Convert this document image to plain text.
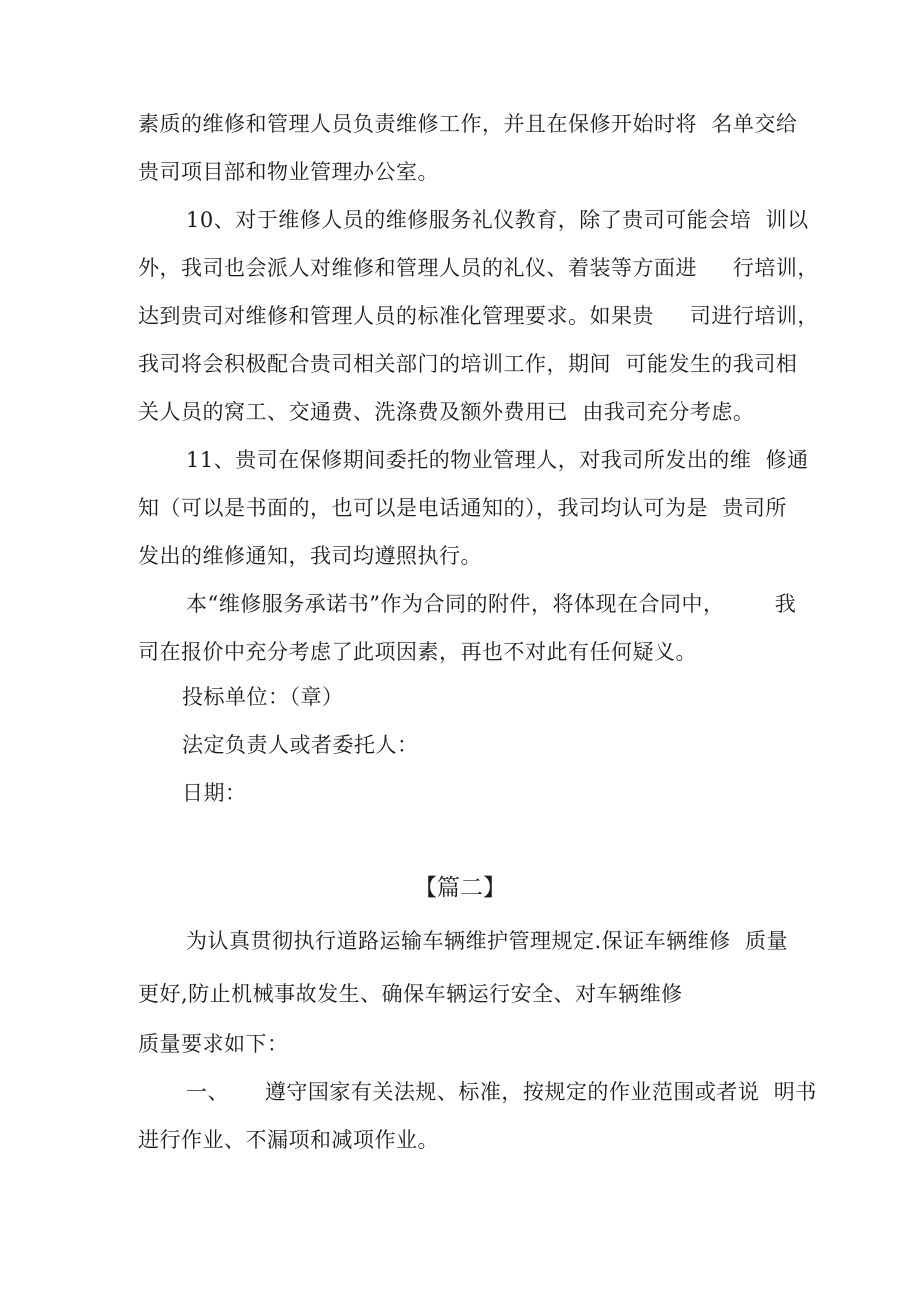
素质的维修和管理人员负责维修工作，并且在保修开始时将  名单交给
贵司项目部和物业管理办公室。
10、对于维修人员的维修服务礼仪教育，除了贵司可能会培  训以
外，我司也会派人对维修和管理人员的礼仪、着装等方面进     行培训，
达到贵司对维修和管理人员的标准化管理要求。如果贵     司进行培训，
我司将会积极配合贵司相关部门的培训工作，期间  可能发生的我司相
关人员的窝工、交通费、洗涤费及额外费用已  由我司充分考虑。
11、贵司在保修期间委托的物业管理人，对我司所发出的维  修通
知（可以是书面的，也可以是电话通知的），我司均认可为是  贵司所
发出的维修通知，我司均遵照执行。
本“维修服务承诺书”作为合同的附件，将体现在合同中，       我
司在报价中充分考虑了此项因素，再也不对此有任何疑义。
投标单位：（章）
法定负责人或者委托人：
日期：
【篇二】
为认真贯彻执行道路运输车辆维护管理规定.保证车辆维修  质量
更好,防止机械事故发生、确保车辆运行安全、对车辆维修
质量要求如下：
一、     遵守国家有关法规、标准，按规定的作业范围或者说  明书
进行作业、不漏项和减项作业。
